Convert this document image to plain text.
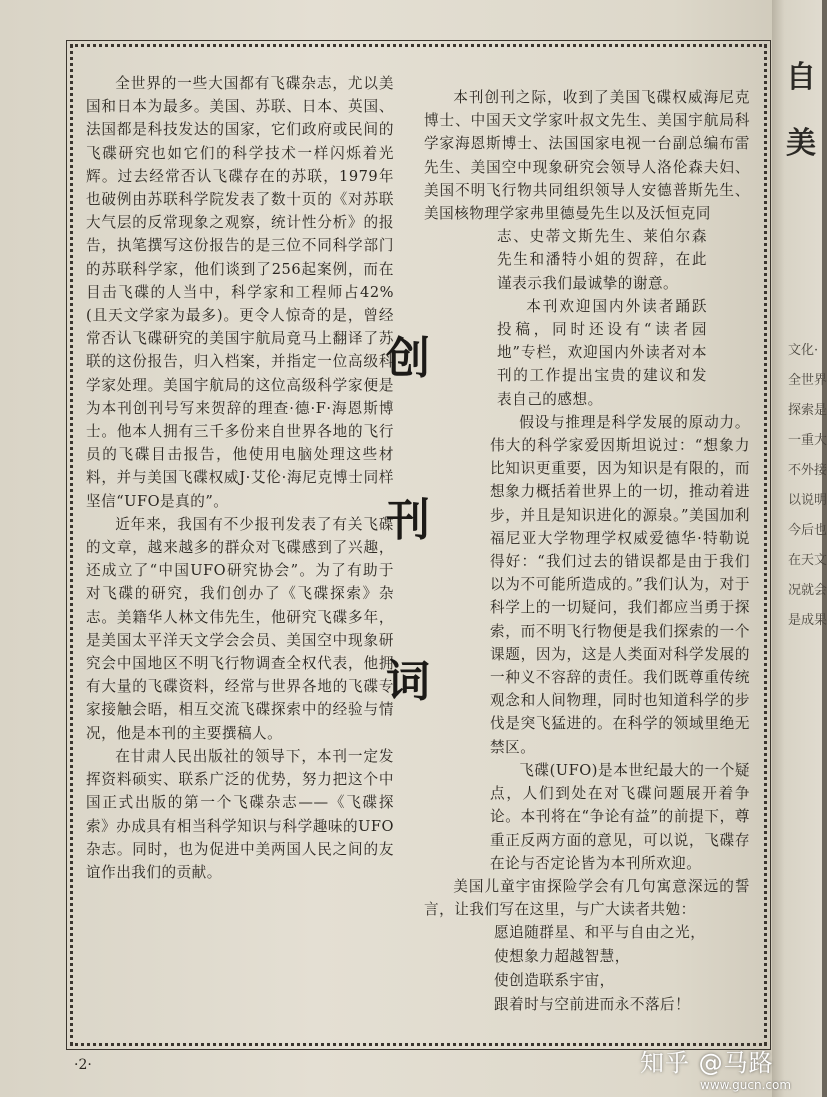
自
美
文化·
全世界
探索是
一重大
不外接
以说明
今后也
在天文
况就会
是成果

全世界的一些大国都有飞碟杂志，尤以美国和日本为最多。美国、苏联、日本、英国、法国都是科技发达的国家，它们政府或民间的飞碟研究也如它们的科学技术一样闪烁着光辉。过去经常否认飞碟存在的苏联，1979年也破例由苏联科学院发表了数十页的《对苏联大气层的反常现象之观察，统计性分析》的报告，执笔撰写这份报告的是三位不同科学部门的苏联科学家，他们谈到了256起案例，而在目击飞碟的人当中，科学家和工程师占42%(且天文学家为最多)。更令人惊奇的是，曾经常否认飞碟研究的美国宇航局竟马上翻译了苏联的这份报告，归入档案，并指定一位高级科学家处理。美国宇航局的这位高级科学家便是为本刊创刊号写来贺辞的理查·德·F·海恩斯博士。他本人拥有三千多份来自世界各地的飞行员的飞碟目击报告，他使用电脑处理这些材料，并与美国飞碟权威J·艾伦·海尼克博士同样坚信“UFO是真的”。

近年来，我国有不少报刊发表了有关飞碟的文章，越来越多的群众对飞碟感到了兴趣，还成立了“中国UFO研究协会”。为了有助于对飞碟的研究，我们创办了《飞碟探索》杂志。美籍华人林文伟先生，他研究飞碟多年，是美国太平洋天文学会会员、美国空中现象研究会中国地区不明飞行物调查全权代表，他拥有大量的飞碟资料，经常与世界各地的飞碟专家接触会晤，相互交流飞碟探索中的经验与情况，他是本刊的主要撰稿人。

在甘肃人民出版社的领导下，本刊一定发挥资料硕实、联系广泛的优势，努力把这个中国正式出版的第一个飞碟杂志——《飞碟探索》办成具有相当科学知识与科学趣味的UFO杂志。同时，也为促进中美两国人民之间的友谊作出我们的贡献。

创
刊
词

本刊创刊之际，收到了美国飞碟权威海尼克博士、中国天文学家叶叔文先生、美国宇航局科学家海恩斯博士、法国国家电视一台副总编布雷先生、美国空中现象研究会领导人洛伦森夫妇、美国不明飞行物共同组织领导人安德普斯先生、美国核物理学家弗里德曼先生以及沃恒克同

志、史蒂文斯先生、莱伯尔森先生和潘特小姐的贺辞，在此谨表示我们最诚挚的谢意。

本刊欢迎国内外读者踊跃投稿，同时还设有“读者园地”专栏，欢迎国内外读者对本刊的工作提出宝贵的建议和发表自己的感想。

假设与推理是科学发展的原动力。伟大的科学家爱因斯坦说过：“想象力比知识更重要，因为知识是有限的，而想象力概括着世界上的一切，推动着进步，并且是知识进化的源泉。”美国加利福尼亚大学物理学权威爱德华·特勒说得好：“我们过去的错误都是由于我们以为不可能所造成的。”我们认为，对于科学上的一切疑问，我们都应当勇于探索，而不明飞行物便是我们探索的一个课题，因为，这是人类面对科学发展的一种义不容辞的责任。我们既尊重传统观念和人间物理，同时也知道科学的步伐是突飞猛进的。在科学的领域里绝无禁区。

飞碟(UFO)是本世纪最大的一个疑点，人们到处在对飞碟问题展开着争论。本刊将在“争论有益”的前提下，尊重正反两方面的意见，可以说，飞碟存在论与否定论皆为本刊所欢迎。

美国儿童宇宙探险学会有几句寓意深远的誓言，让我们写在这里，与广大读者共勉：

愿追随群星、和平与自由之光，
使想象力超越智慧，
使创造联系宇宙，
跟着时与空前进而永不落后！
·2·	知乎 @马路
www.gucn.com
